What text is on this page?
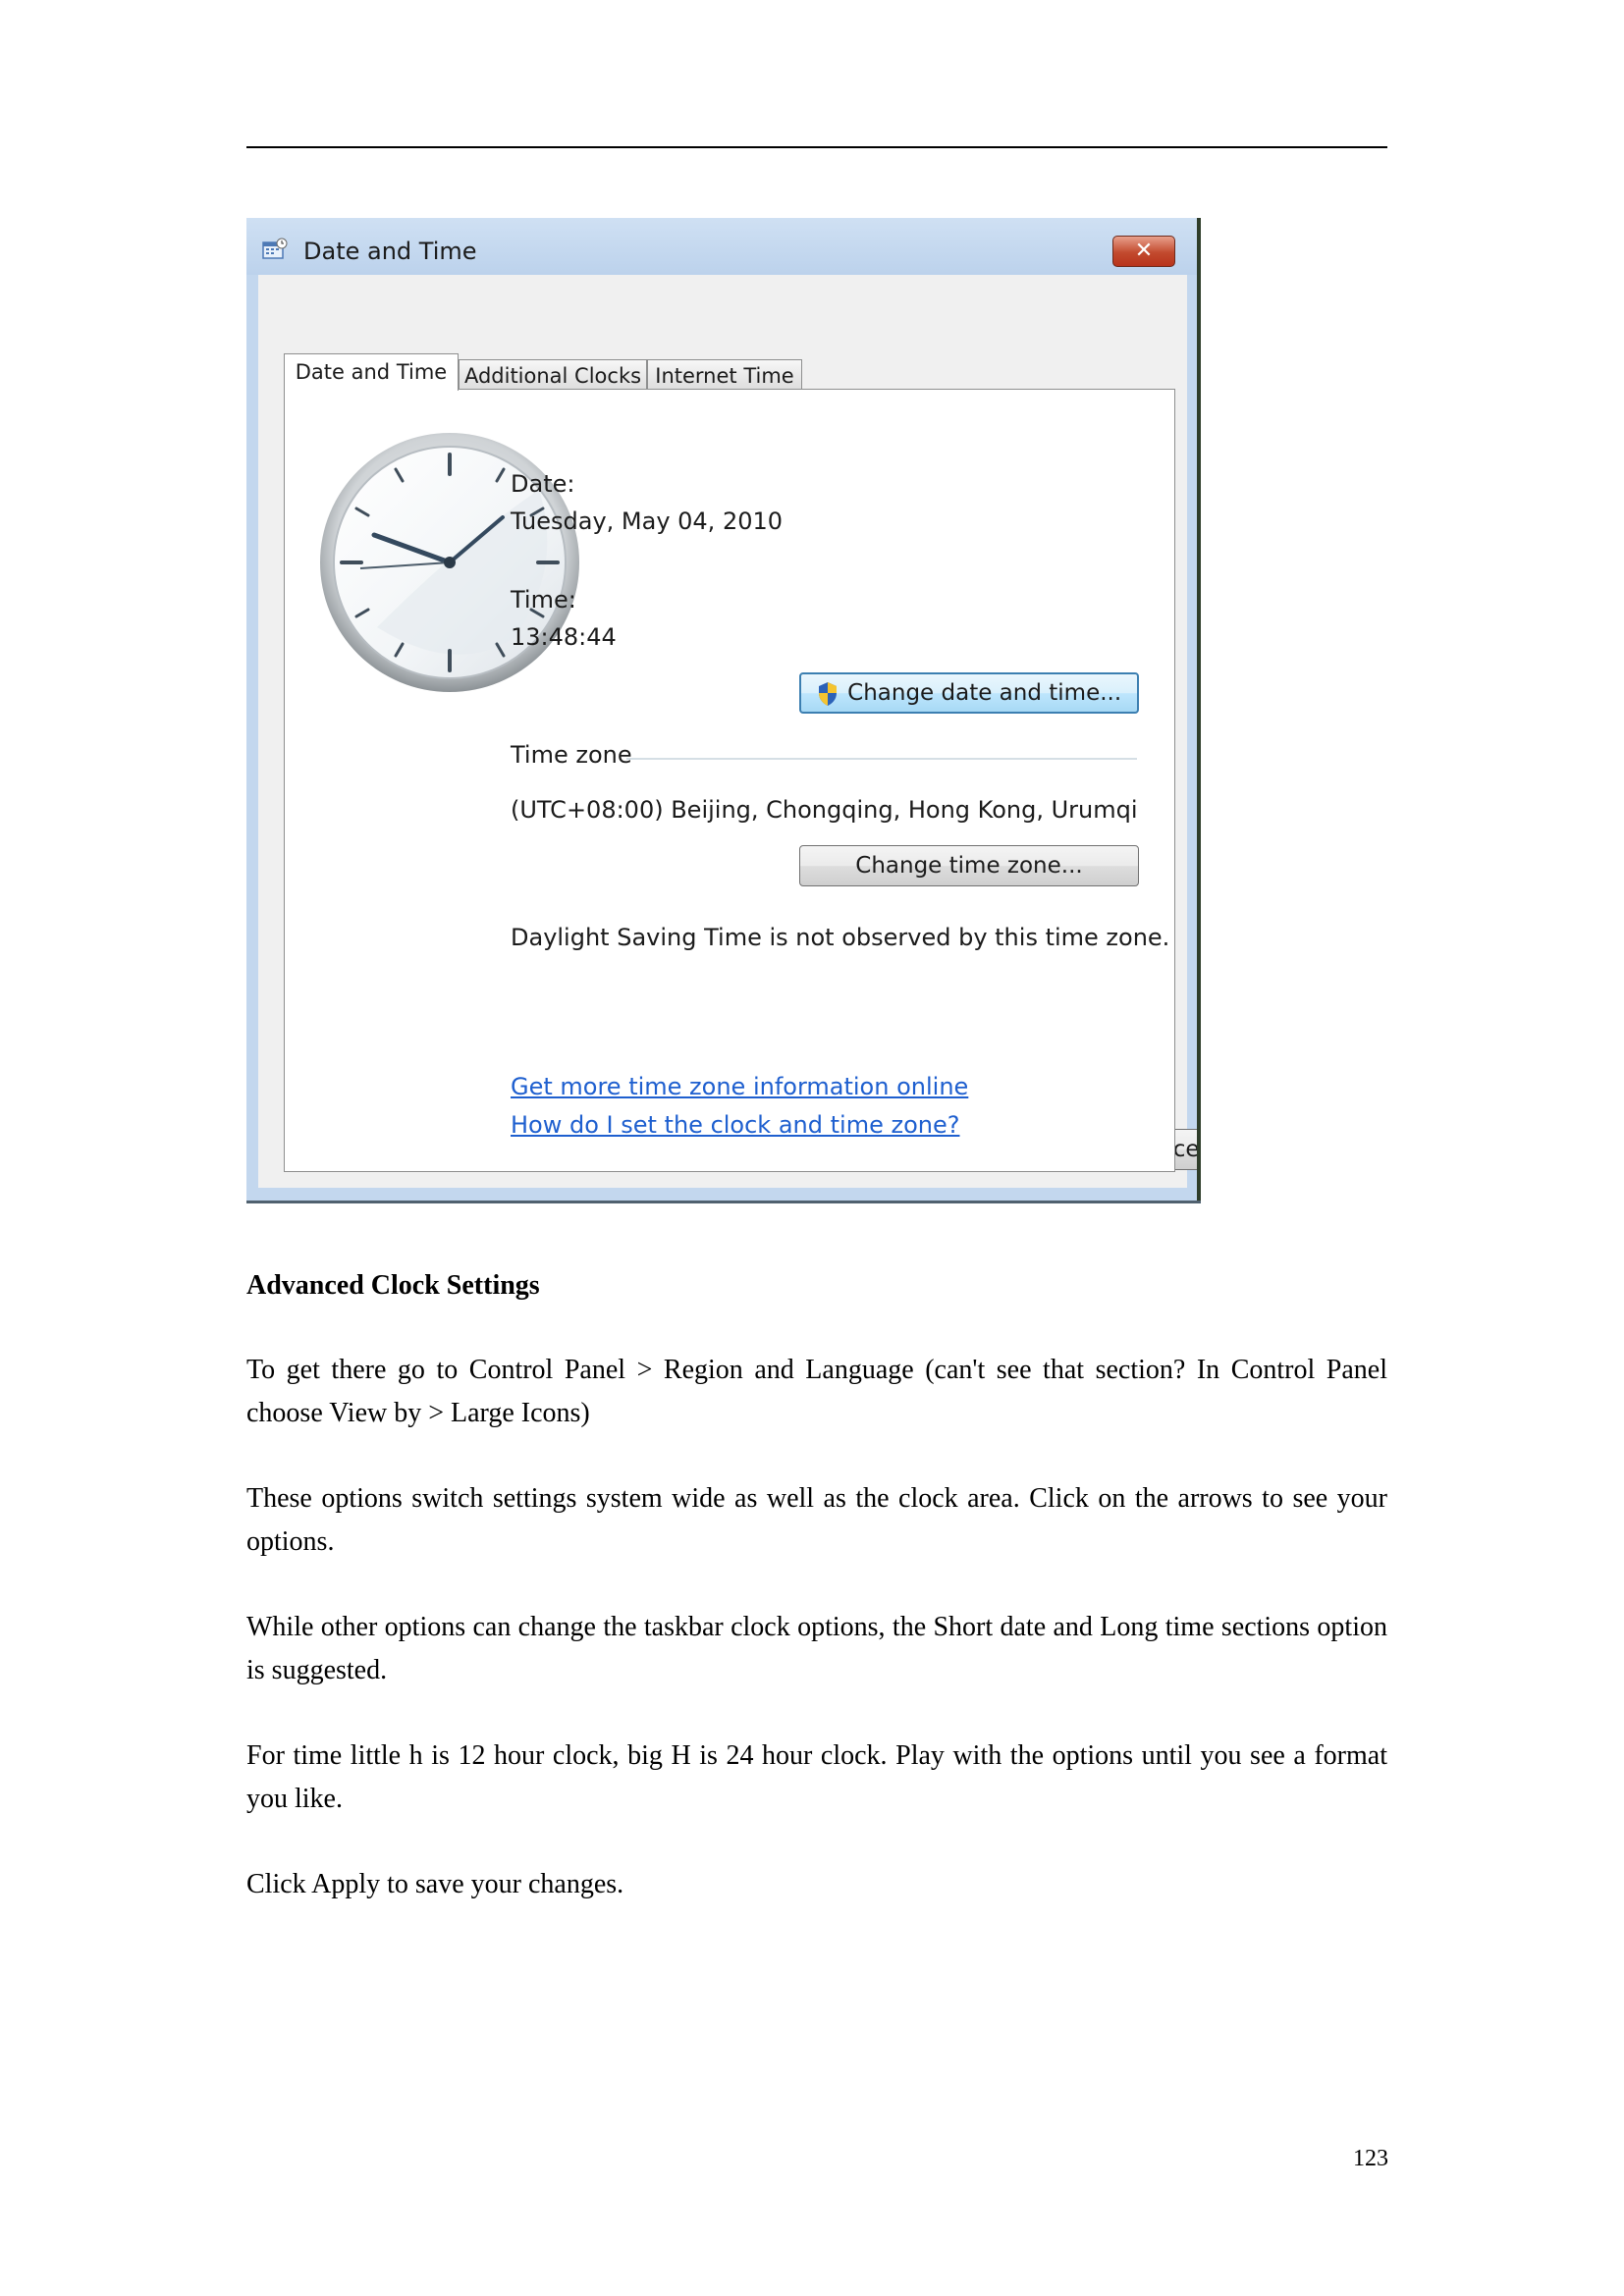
Date and Time	✕
Date and Time Additional Clocks Internet Time
Date:
Tuesday, May 04, 2010
Time:
13:48:44
Change date and time...
Time zone
(UTC+08:00) Beijing, Chongqing, Hong Kong, Urumqi
Change time zone...
Daylight Saving Time is not observed by this time zone.
Get more time zone information online
How do I set the clock and time zone?
Advanced Clock Settings

To get there go to Control Panel > Region and Language (can't see that section? In Control Panel choose View by > Large Icons)

These options switch settings system wide as well as the clock area. Click on the arrows to see your options.

While other options can change the taskbar clock options, the Short date and Long time sections option is suggested.

For time little h is 12 hour clock, big H is 24 hour clock. Play with the options until you see a format you like.

Click Apply to save your changes.

123
